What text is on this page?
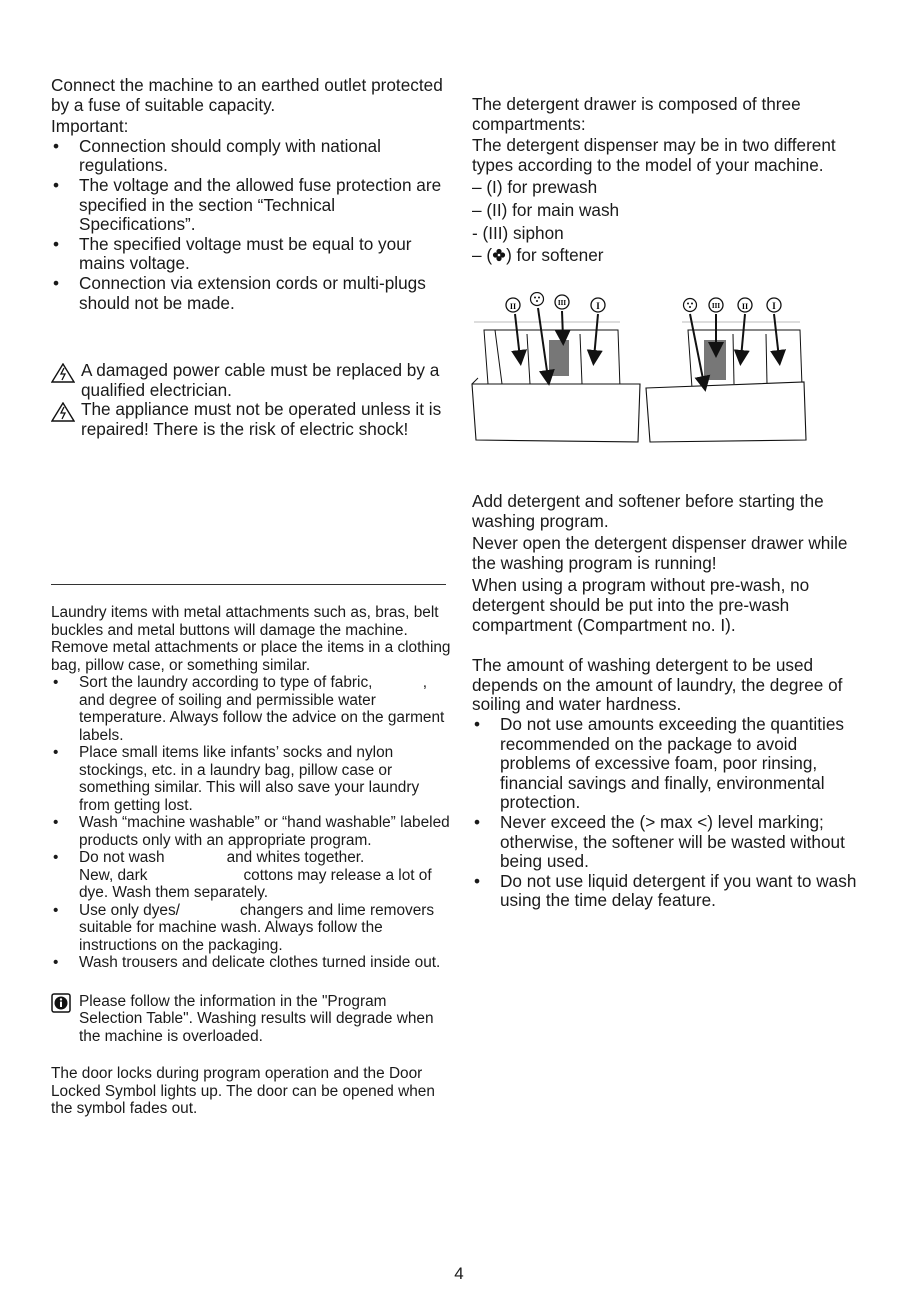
Connect the machine to an earthed outlet protected by a fuse of suitable capacity.

Important:

• Connection should comply with national regulations.
• The voltage and the allowed fuse protection are specified in the section “Technical Specifications”.
• The specified voltage must be equal to your mains voltage.
• Connection via extension cords or multi-plugs should not be made.
A damaged power cable must be replaced by a qualified electrician.
The appliance must not be operated unless it is repaired! There is the risk of electric shock!

Laundry items with metal attachments such as, bras, belt buckles and metal buttons will damage the machine. Remove metal attachments or place the items in a clothing bag, pillow case, or something similar.

• Sort the laundry according to type of fabric,	, and degree of soiling and permissible water temperature. Always follow the advice on the garment labels.
• Place small items like infants’ socks and nylon stockings, etc. in a laundry bag, pillow case or something similar. This will also save your laundry from getting lost.
• Wash “machine washable” or “hand washable” labeled products only with an appropriate program.
• Do not wash	and whites together.
New, dark	cottons may release a lot of dye. Wash them separately.
• Use only dyes/	changers and lime removers suitable for machine wash. Always follow the instructions on the packaging.
• Wash trousers and delicate clothes turned inside out.
Please follow the information in the "Program Selection Table". Washing results will degrade when the machine is overloaded.

The door locks during program operation and the Door Locked Symbol lights up. The door can be opened when the symbol fades out.

The detergent drawer is composed of three compartments:

The detergent dispenser may be in two different types according to the model of your machine.

– (I) for prewash

– (II) for main wash

- (III) siphon

– ( ) for softener

II	III	I	III	II	I

Add detergent and softener before starting the washing program.

Never open the detergent dispenser drawer while the washing program is running!

When using a program without pre-wash, no detergent should be put into the pre-wash compartment (Compartment no. I).

The amount of washing detergent to be used depends on the amount of laundry, the degree of soiling and water hardness.

• Do not use amounts exceeding the quantities recommended on the package to avoid problems of excessive foam, poor rinsing, financial savings and finally, environmental protection.
• Never exceed the (> max <) level marking; otherwise, the softener will be wasted without being used.
• Do not use liquid detergent if you want to wash using the time delay feature.
4
